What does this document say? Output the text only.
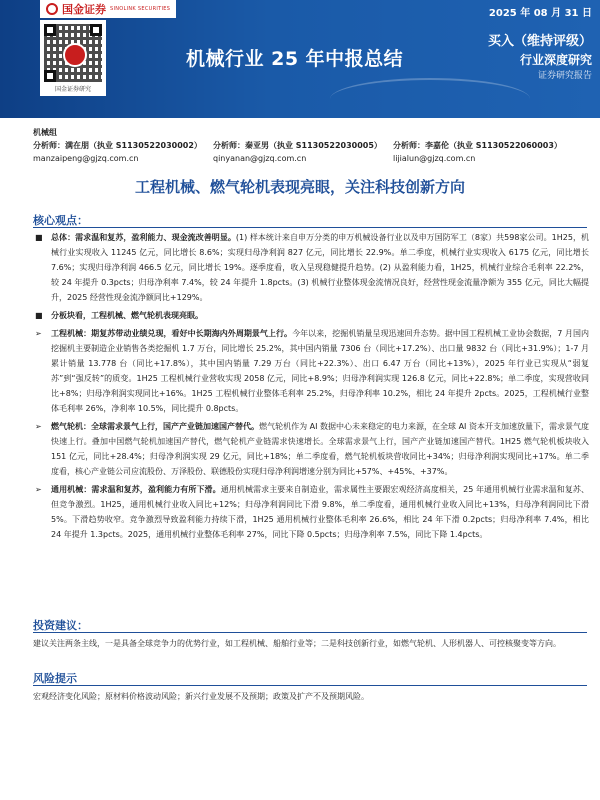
国金证券 SINOLINK SECURITIES
国金证券研究
机械行业 25 年中报总结
2025 年 08 月 31 日
买入（维持评级）
行业深度研究
证券研究报告
机械组
分析师：满在朋（执业 S1130522030002）
manzaipeng@gjzq.com.cn
分析师：秦亚男（执业 S1130522030005）
qinyanan@gjzq.com.cn
分析师：李嘉伦（执业 S1130522060003）
lijialun@gjzq.com.cn
工程机械、燃气轮机表现亮眼，关注科技创新方向
核心观点：
■ 总体：需求温和复苏，盈利能力、现金流改善明显。(1) 样本统计来自申万分类的申万机械设备行业以及申万国防军工（8家）共598家公司。1H25，机械行业实现收入 11245 亿元，同比增长 8.6%；实现归母净利润 827 亿元，同比增长 22.9%。单二季度，机械行业实现收入 6175 亿元，同比增长 7.6%；实现归母净利润 466.5 亿元，同比增长 19%。逐季度看，收入呈现稳健提升趋势。(2) 从盈利能力看，1H25，机械行业综合毛利率 22.2%，较 24 年提升 0.3pcts；归母净利率 7.4%，较 24 年提升 1.8pcts。(3) 机械行业整体现金流情况良好，经营性现金流量净额为 355 亿元，同比大幅提升，2025 经营性现金流净额同比+129%。
■ 分板块看，工程机械、燃气轮机表现亮眼。
➢ 工程机械：期复苏带动业绩兑现，看好中长期海内外周期景气上行。今年以来，挖掘机销量呈现迅速回升态势。据中国工程机械工业协会数据，7 月国内挖掘机主要制造企业销售各类挖掘机 1.7 万台，同比增长 25.2%，其中国内销量 7306 台（同比+17.2%）、出口量 9832 台（同比+31.9%）；1-7 月累计销量 13.778 台（同比+17.8%），其中国内销量 7.29 万台（同比+22.3%）、出口 6.47 万台（同比+13%），2025 年行业已实现从“弱复苏”到“强反转”的质变。1H25 工程机械行业营收实现 2058 亿元，同比+8.9%；归母净利润实现 126.8 亿元，同比+22.8%；单二季度，实现营收同比+8%；归母净利润实现同比+16%。1H25 工程机械行业整体毛利率 25.2%，归母净利率 10.2%，相比 24 年提升 2pcts。2025，工程机械行业整体毛利率 26%，净利率 10.5%，同比提升 0.8pcts。
➢ 燃气轮机：全球需求景气上行，国产产业链加速国产替代。燃气轮机作为 AI 数据中心未来稳定的电力来源，在全球 AI 资本开支加速放量下，需求景气度快速上行。叠加中国燃气轮机加速国产替代，燃气轮机产业链需求快速增长。全球需求景气上行，国产产业链加速国产替代。1H25 燃气轮机板块收入 151 亿元，同比+28.4%；归母净利润实现 29 亿元，同比+18%；单二季度看，燃气轮机板块营收同比+34%；归母净利润实现同比+17%。单二季度看，核心产业链公司应流股份、万泽股份、联德股份实现归母净利润增速分别为同比+57%、+45%、+37%。
➢ 通用机械：需求温和复苏，盈利能力有所下滑。通用机械需求主要来自制造业，需求属性主要跟宏观经济高度相关，25 年通用机械行业需求温和复苏、但竞争激烈。1H25，通用机械行业收入同比+12%；归母净利润同比下滑 9.8%，单二季度看，通用机械行业收入同比+13%，归母净利润同比下滑 5%。下滑趋势收窄。竞争激烈导致盈利能力持续下滑，1H25 通用机械行业整体毛利率 26.6%，相比 24 年下滑 0.2pcts；归母净利率 7.4%，相比 24 年提升 1.3pcts。2025，通用机械行业整体毛利率 27%，同比下降 0.5pcts；归母净利率 7.5%，同比下降 1.4pcts。
投资建议：
建议关注两条主线，一是具备全球竞争力的优势行业，如工程机械、船舶行业等；二是科技创新行业，如燃气轮机、人形机器人、可控核聚变等方向。
风险提示
宏观经济变化风险；原材料价格波动风险；新兴行业发展不及预期；政策及扩产不及预期风险。
